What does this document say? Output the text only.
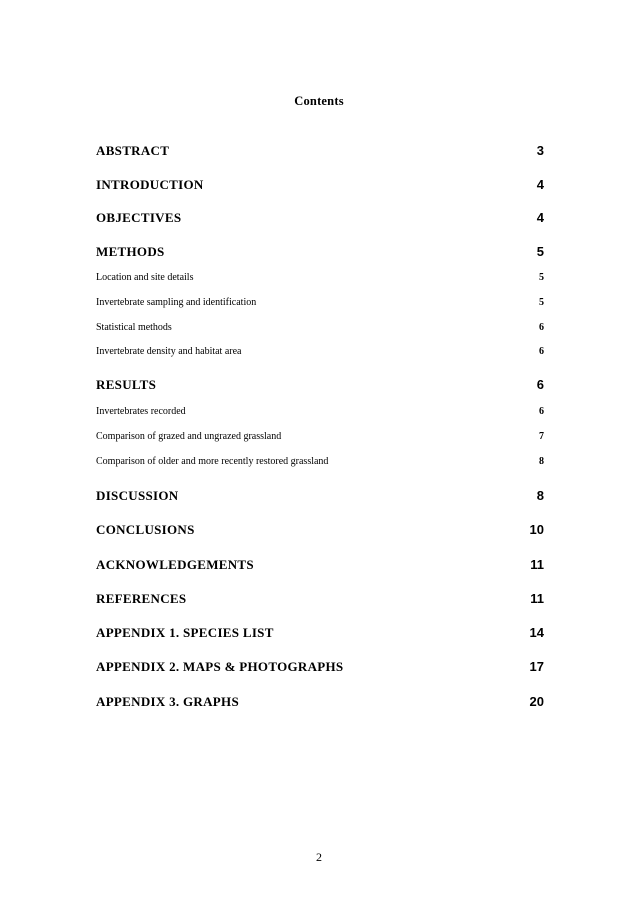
Contents
ABSTRACT	3
INTRODUCTION	4
OBJECTIVES	4
METHODS	5
Location and site details	5
Invertebrate sampling and identification	5
Statistical methods	6
Invertebrate density and habitat area	6
RESULTS	6
Invertebrates recorded	6
Comparison of grazed and ungrazed grassland	7
Comparison of older and more recently restored grassland	8
DISCUSSION	8
CONCLUSIONS	10
ACKNOWLEDGEMENTS	11
REFERENCES	11
APPENDIX 1. SPECIES LIST	14
APPENDIX 2. MAPS & PHOTOGRAPHS	17
APPENDIX 3. GRAPHS	20
2
